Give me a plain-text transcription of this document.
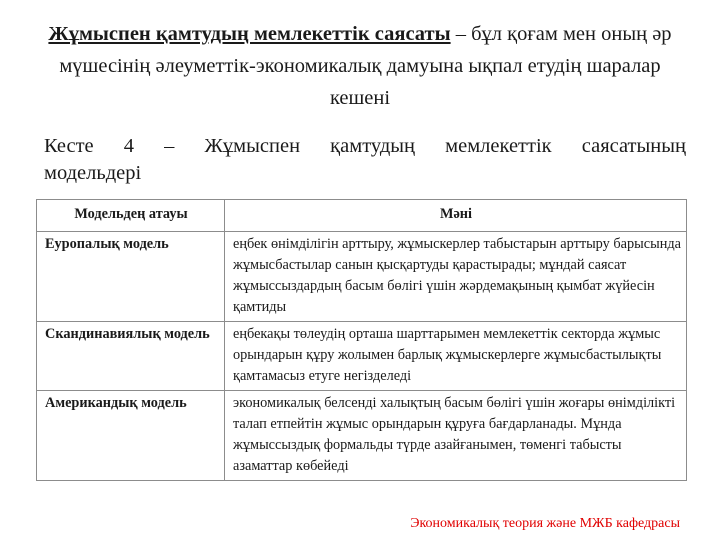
Жұмыспен қамтудың мемлекеттік саясаты – бұл қоғам мен оның әр мүшесінің әлеуметтік-экономикалық дамуына ықпал етудің шаралар кешені
Кесте 4 – Жұмыспен қамтудың мемлекеттік саясатының
модельдері
Модельдең атауы	Мәні
Еуропалық модель	еңбек өнімділігін арттыру, жұмыскерлер табыстарын арттыру барысында жұмысбастылар санын қысқартуды қарастырады; мұндай саясат жұмыссыздардың басым бөлігі үшін жәрдемақының қымбат жүйесін қамтиды
Скандинавиялық модель	еңбекақы төлеудің орташа шарттарымен мемлекеттік секторда жұмыс орындарын құру жолымен барлық жұмыскерлерге жұмысбастылықты қамтамасыз етуге негізделеді
Американдық модель	экономикалық белсенді халықтың басым бөлігі үшін жоғары өнімділікті талап етпейтін жұмыс орындарын құруға бағдарланады. Мұнда жұмыссыздық формальды түрде азайғанымен, төменгі табысты азаматтар көбейеді
Экономикалық теория және МЖБ кафедрасы
